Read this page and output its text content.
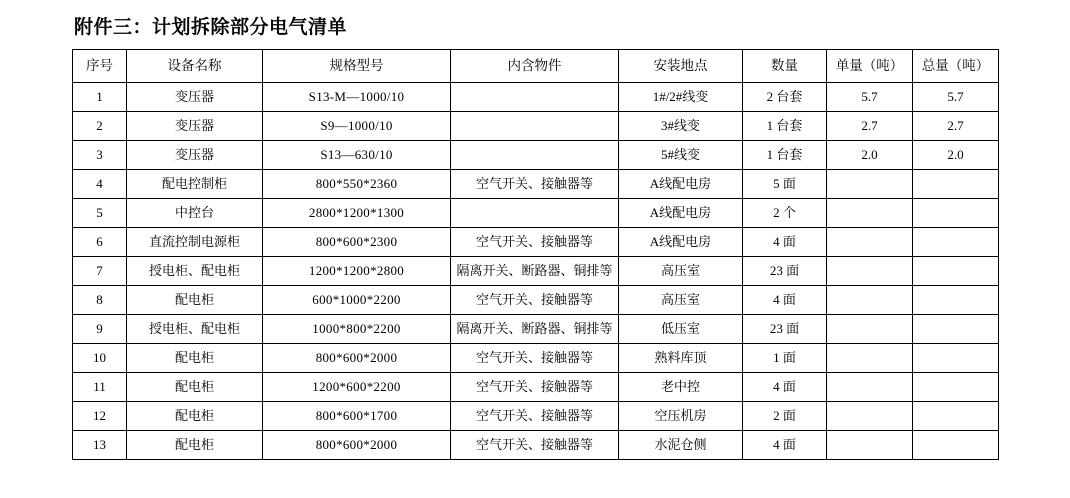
附件三：计划拆除部分电气清单
序号	设备名称	规格型号	内含物件	安装地点	数量	单量（吨）	总量（吨）
1	变压器	S13-M—1000/10		1#/2#线变	2 台套	5.7	5.7
2	变压器	S9—1000/10		3#线变	1 台套	2.7	2.7
3	变压器	S13—630/10		5#线变	1 台套	2.0	2.0
4	配电控制柜	800*550*2360	空气开关、接触器等	A线配电房	5 面		
5	中控台	2800*1200*1300		A线配电房	2 个		
6	直流控制电源柜	800*600*2300	空气开关、接触器等	A线配电房	4 面		
7	授电柜、配电柜	1200*1200*2800	隔离开关、断路器、铜排等	高压室	23 面		
8	配电柜	600*1000*2200	空气开关、接触器等	高压室	4 面		
9	授电柜、配电柜	1000*800*2200	隔离开关、断路器、铜排等	低压室	23 面		
10	配电柜	800*600*2000	空气开关、接触器等	熟料库顶	1 面		
11	配电柜	1200*600*2200	空气开关、接触器等	老中控	4 面		
12	配电柜	800*600*1700	空气开关、接触器等	空压机房	2 面		
13	配电柜	800*600*2000	空气开关、接触器等	水泥仓侧	4 面		
